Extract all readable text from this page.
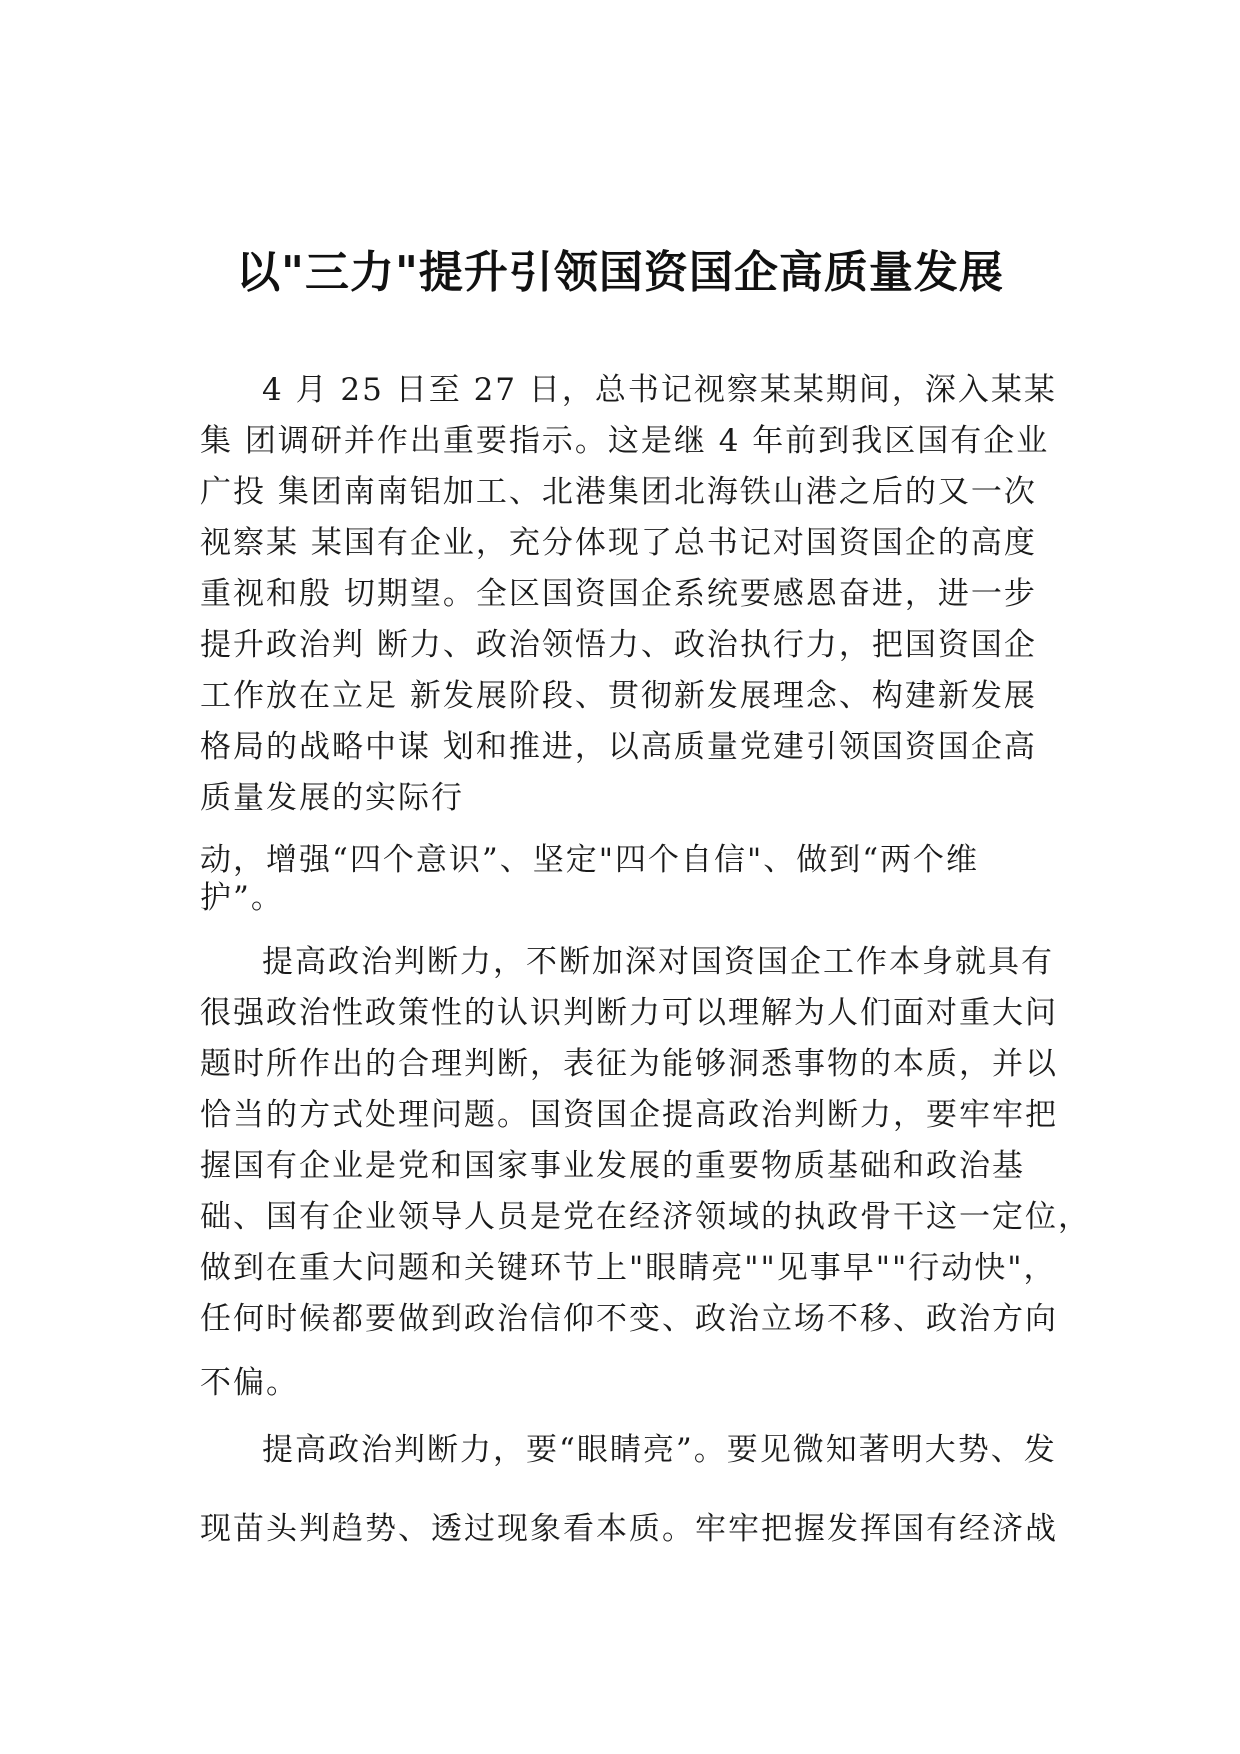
以"三力"提升引领国资国企高质量发展
4 月 25 日至 27 日，总书记视察某某期间，深入某某
集 团调研并作出重要指示。这是继 4 年前到我区国有企业
广投 集团南南铝加工、北港集团北海铁山港之后的又一次
视察某 某国有企业，充分体现了总书记对国资国企的高度
重视和殷 切期望。全区国资国企系统要感恩奋进，进一步
提升政治判 断力、政治领悟力、政治执行力，把国资国企
工作放在立足 新发展阶段、贯彻新发展理念、构建新发展
格局的战略中谋 划和推进，以高质量党建引领国资国企高
质量发展的实际行
动，增强“四个意识”、坚定"四个自信"、做到“两个维
护”。
提高政治判断力，不断加深对国资国企工作本身就具有
很强政治性政策性的认识判断力可以理解为人们面对重大问
题时所作出的合理判断，表征为能够洞悉事物的本质，并以
恰当的方式处理问题。国资国企提高政治判断力，要牢牢把
握国有企业是党和国家事业发展的重要物质基础和政治基
础、国有企业领导人员是党在经济领域的执政骨干这一定位，
做到在重大问题和关键环节上"眼睛亮""见事早""行动快"，
任何时候都要做到政治信仰不变、政治立场不移、政治方向
不偏。
提高政治判断力，要“眼睛亮”。要见微知著明大势、发
现苗头判趋势、透过现象看本质。牢牢把握发挥国有经济战
